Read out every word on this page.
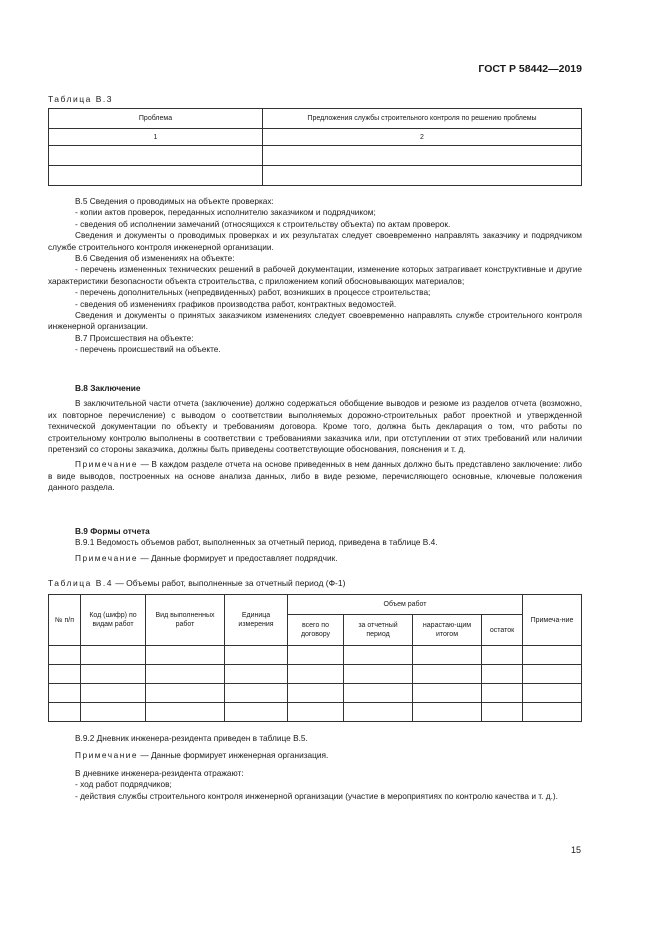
ГОСТ Р 58442—2019
Таблица В.3
Проблема	Предложения службы строительного контроля по решению проблемы
1	2

В.5 Сведения о проводимых на объекте проверках:

- копии актов проверок, переданных исполнителю заказчиком и подрядчиком;

- сведения об исполнении замечаний (относящихся к строительству объекта) по актам проверок.

Сведения и документы о проводимых проверках и их результатах следует своевременно направлять заказчику и подрядчиком службе строительного контроля инженерной организации.

В.6 Сведения об изменениях на объекте:

- перечень измененных технических решений в рабочей документации, изменение которых затрагивает конструктивные и другие характеристики безопасности объекта строительства, с приложением копий обосновывающих материалов;

- перечень дополнительных (непредвиденных) работ, возникших в процессе строительства;

- сведения об изменениях графиков производства работ, контрактных ведомостей.

Сведения и документы о принятых заказчиком изменениях следует своевременно направлять службе строительного контроля инженерной организации.

В.7 Происшествия на объекте:

- перечень происшествий на объекте.

В.8 Заключение

В заключительной части отчета (заключение) должно содержаться обобщение выводов и резюме из разделов отчета (возможно, их повторное перечисление) с выводом о соответствии выполняемых дорожно-строительных работ проектной и утвержденной технической документации по объекту и требованиям договора. Кроме того, должна быть декларация о том, что работы по строительному контролю выполнены в соответствии с требованиями заказчика или, при отступлении от этих требований или наличии претензий со стороны заказчика, должны быть приведены соответствующие обоснования, пояснения и т. д.

Примечание — В каждом разделе отчета на основе приведенных в нем данных должно быть представлено заключение: либо в виде выводов, построенных на основе анализа данных, либо в виде резюме, перечисляющего основные, ключевые положения данного раздела.

В.9 Формы отчета

В.9.1 Ведомость объемов работ, выполненных за отчетный период, приведена в таблице В.4.

Примечание — Данные формирует и предоставляет подрядчик.

Таблица В.4 — Объемы работ, выполненные за отчетный период (Ф-1)
№ п/п	Код (шифр) по видам работ	Вид выполненных работ	Единица измерения	Объем работ				Примеча-ние
				всего по договору	за отчетный период	нарастаю-щим итогом	остаток	

В.9.2 Дневник инженера-резидента приведен в таблице В.5.

Примечание — Данные формирует инженерная организация.

В дневнике инженера-резидента отражают:

- ход работ подрядчиков;

- действия службы строительного контроля инженерной организации (участие в мероприятиях по контролю качества и т. д.).

15
